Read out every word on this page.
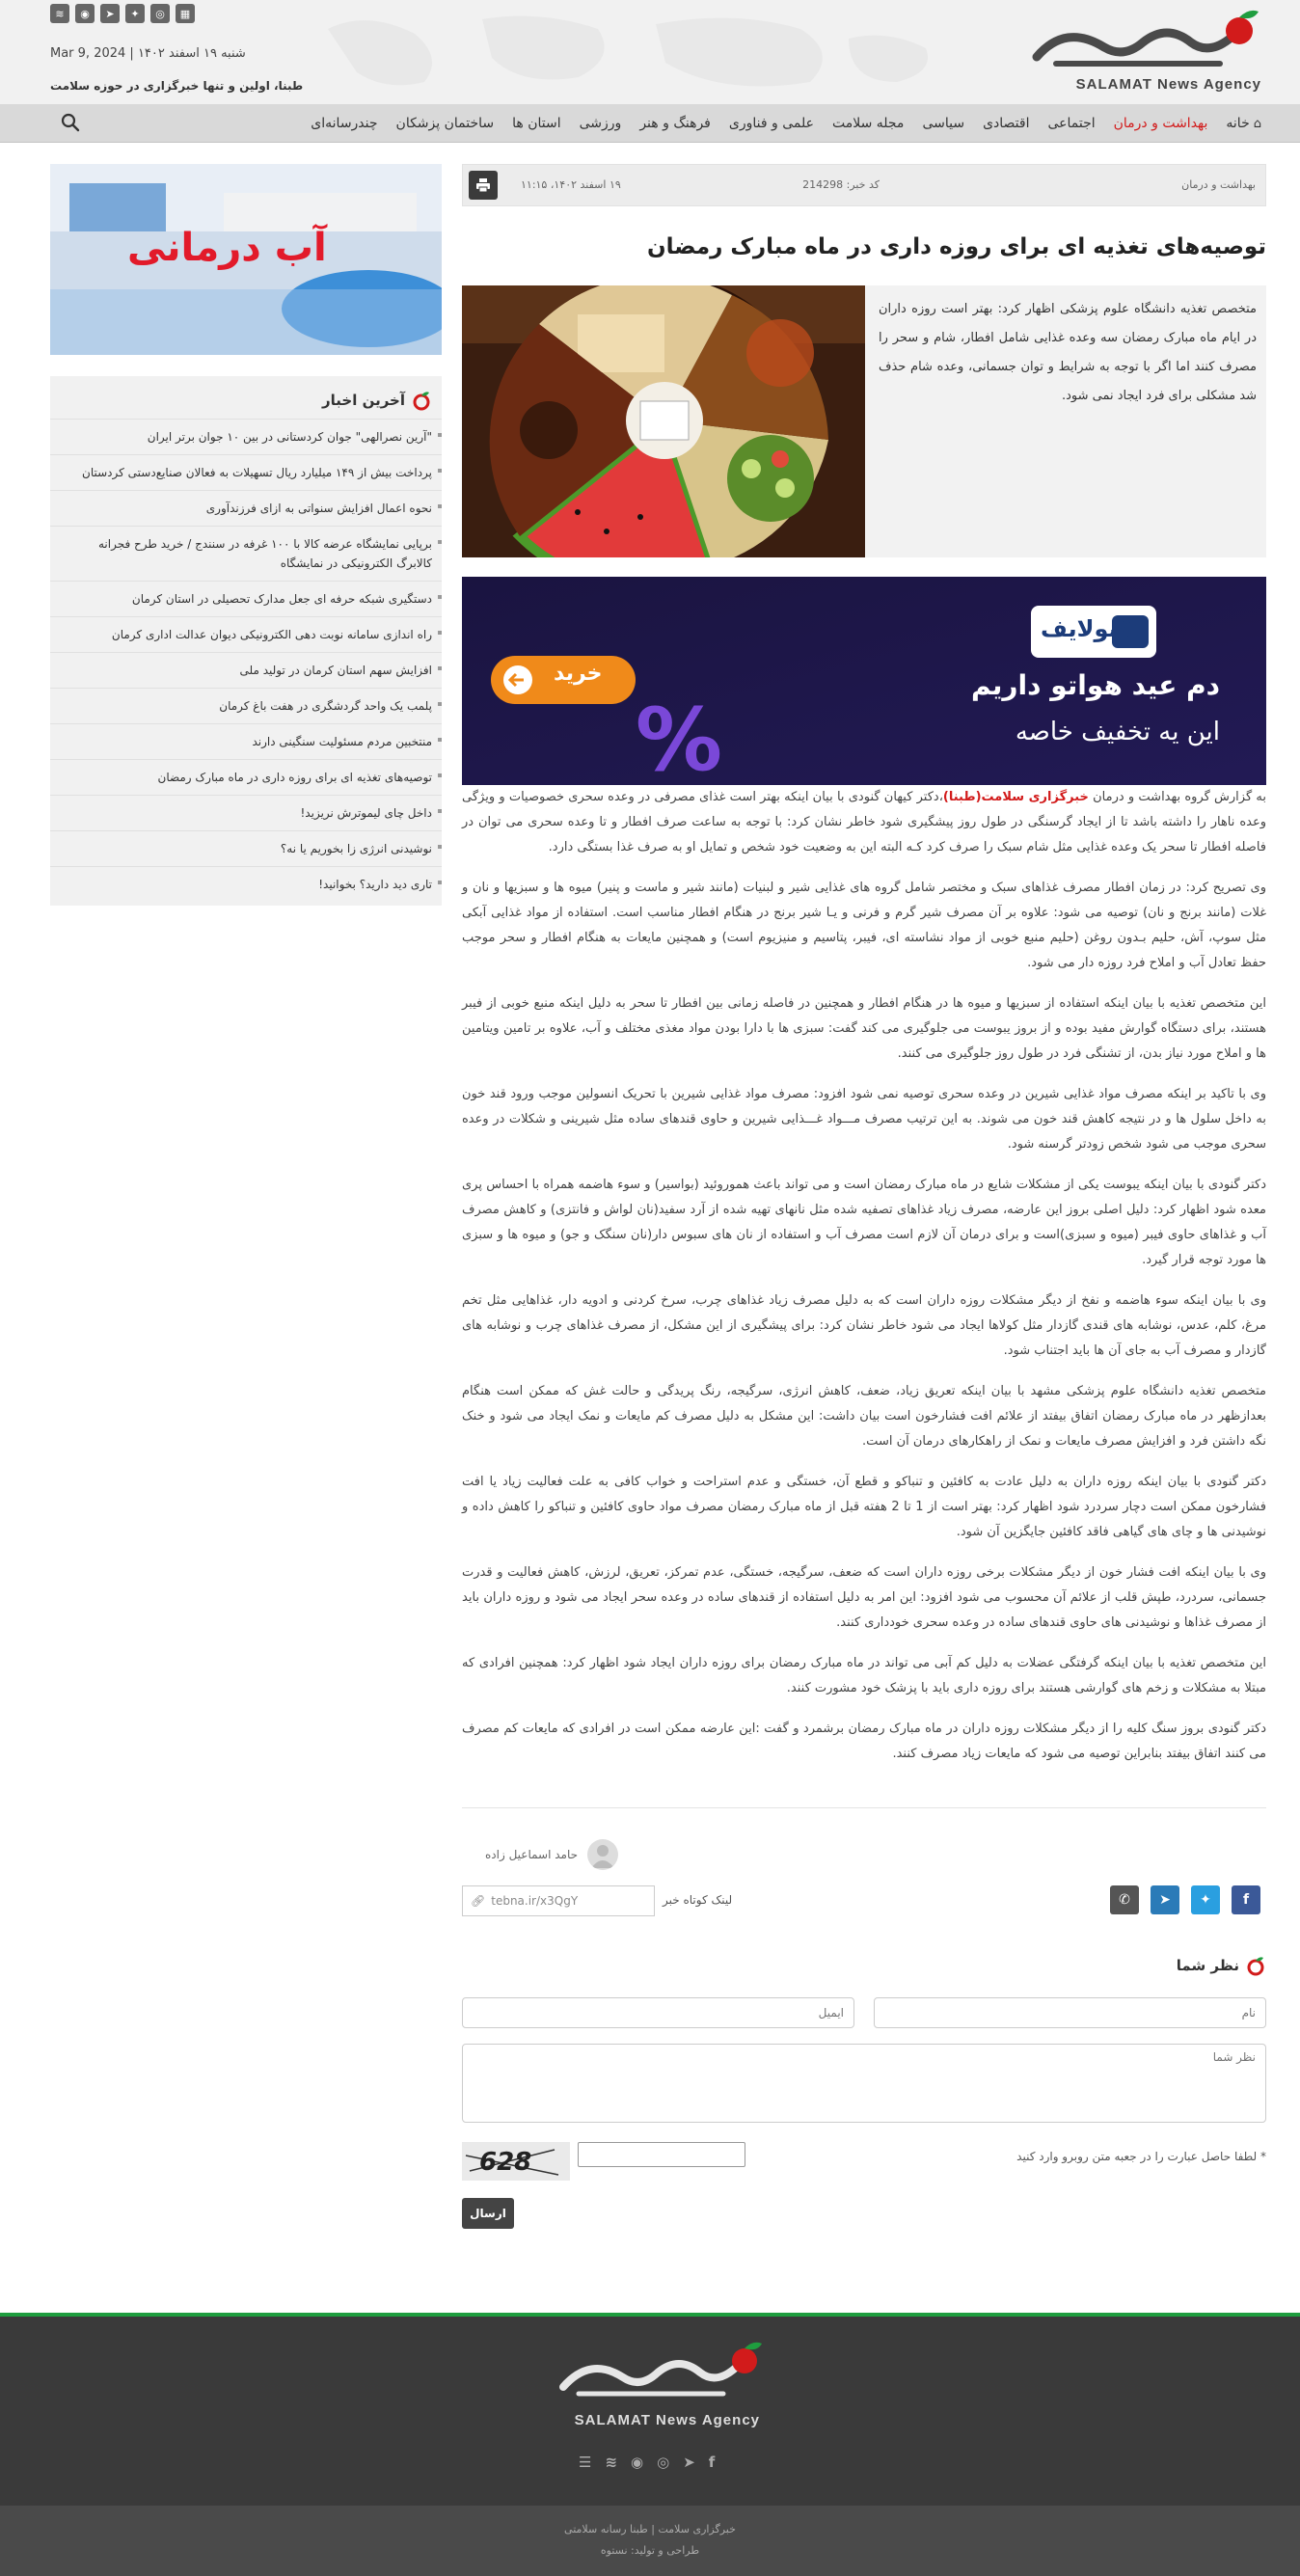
SALAMAT News Agency
▦
◎
✦
➤
◉
≋
شنبه ۱۹ اسفند ۱۴۰۲ | Mar 9, 2024
طبنا، اولین و تنها خبرگزاری در حوزه سلامت
⌂خانه
بهداشت و درمان
اجتماعی
اقتصادی
سیاسی
مجله سلامت
علمی و فناوری
فرهنگ و هنر
ورزشی
استان ها
ساختمان پزشکان
چندرسانه‌ای
بهداشت و درمان
کد خبر: 214298
۱۹ اسفند ۱۴۰۲، ۱۱:۱۵
توصیه‌های تغذیه ای برای روزه داری در ماه مبارک رمضان

متخصص تغذیه دانشگاه علوم پزشکی اظهار کرد: بهتر است روزه داران در ایام ماه مبارک رمضان سه وعده غذایی شامل افطار، شام و سحر را مصرف کنند اما اگر با توجه به شرایط و توان جسمانی، وعده شام حذف شد مشکلی برای فرد ایجاد نمی شود.

%
تکنولایف
خرید	دم عید هواتو داریم
این یه تخفیف خاصه

به گزارش گروه بهداشت و درمان خبرگزاری سلامت(طبنا)،دکتر کیهان گنودی با بیان اینکه بهتر است غذای مصرفی در وعده سحری خصوصیات و ویژگی وعده ناهار را داشته باشد تا از ایجاد گرسنگی در طول روز پیشگیری شود خاطر نشان کرد: با توجه به ساعت صرف افطار و تا وعده سحری می توان در فاصله افطار تا سحر یک وعده غذایی مثل شام سبک را صرف کرد کـه البته این به وضعیت خود شخص و تمایل او به صرف غذا بستگی دارد.

وی تصریح کرد: در زمان افطار مصرف غذاهای سبک و مختصر شامل گروه های غذایی شیر و لبنیات (مانند شیر و ماست و پنیر) میوه ها و سبزیها و نان و غلات (مانند برنج و نان) توصیه می شود: علاوه بر آن مصرف شیر گرم و فرنی و یـا شیر برنج در هنگام افطار مناسب است. استفاده از مواد غذایی آبکی مثل سوپ، آش، حلیم بـدون روغن (حلیم منبع خوبی از مواد نشاسته ای، فیبر، پتاسیم و منیزیوم است) و همچنین مایعات به هنگام افطار و سحر موجب حفظ تعادل آب و املاح فرد روزه دار می شود.

این متخصص تغذیه با بیان اینکه استفاده از سبزیها و میوه ها در هنگام افطار و همچنین در فاصله زمانی بین افطار تا سحر به دلیل اینکه منبع خوبی از فیبر هستند، برای دستگاه گوارش مفید بوده و از بروز یبوست می جلوگیری می کند گفت: سبزی ها با دارا بودن مواد مغذی مختلف و آب، علاوه بر تامین ویتامین ها و املاح مورد نیاز بدن، از تشنگی فرد در طول روز جلوگیری می کنند.

وی با تاکید بر اینکه مصرف مواد غذایی شیرین در وعده سحری توصیه نمی شود افزود: مصرف مواد غذایی شیرین با تحریک انسولین موجب ورود قند خون به داخل سلول ها و در نتیجه کاهش قند خون می شوند. به این ترتیب مصرف مـــواد غـــذایی شیرین و حاوی قندهای ساده مثل شیرینی و شکلات در وعده سحری موجب می شود شخص زودتر گرسنه شود.

دکتر گنودی با بیان اینکه یبوست یکی از مشکلات شایع در ماه مبارک رمضان است و می تواند باعث هموروئید (بواسیر) و سوء هاضمه همراه با احساس پری معده شود اظهار کرد: دلیل اصلی بروز این عارضه، مصرف زیاد غذاهای تصفیه شده مثل نانهای تهیه شده از آرد سفید(نان لواش و فانتزی) و کاهش مصرف آب و غذاهای حاوی فیبر (میوه و سبزی)است و برای درمان آن لازم است مصرف آب و استفاده از نان های سبوس دار(نان سنگک و جو) و میوه ها و سبزی ها مورد توجه قرار گیرد.

وی با بیان اینکه سوء هاضمه و نفخ از دیگر مشکلات روزه داران است که به دلیل مصرف زیاد غذاهای چرب، سرخ کردنی و ادویه دار، غذاهایی مثل تخم مرغ، کلم، عدس، نوشابه های قندی گازدار مثل کولاها ایجاد می شود خاطر نشان کرد: برای پیشگیری از این مشکل، از مصرف غذاهای چرب و نوشابه های گازدار و مصرف آب به جای آن ها باید اجتناب شود.

متخصص تغذیه دانشگاه علوم پزشکی مشهد با بیان اینکه تعریق زیاد، ضعف، کاهش انرژی، سرگیجه، رنگ پریدگی و حالت غش که ممکن است هنگام بعدازظهر در ماه مبارک رمضان اتفاق بیفتد از علائم افت فشارخون است بیان داشت: این مشکل به دلیل مصرف کم مایعات و نمک ایجاد می شود و خنک نگه داشتن فرد و افزایش مصرف مایعات و نمک از راهکارهای درمان آن است.

دکتر گنودی با بیان اینکه روزه داران به دلیل عادت به کافئین و تنباکو و قطع آن، خستگی و عدم استراحت و خواب کافی به علت فعالیت زیاد یا افت فشارخون ممکن است دچار سردرد شود اظهار کرد: بهتر است از 1 تا 2 هفته قبل از ماه مبارک رمضان مصرف مواد حاوی کافئین و تنباکو را کاهش داده و نوشیدنی ها و چای های گیاهی فاقد کافئین جایگزین آن شود.

وی با بیان اینکه افت فشار خون از دیگر مشکلات برخی روزه داران است که ضعف، سرگیجه، خستگی، عدم تمرکز، تعریق، لرزش، کاهش فعالیت و قدرت جسمانی، سردرد، طپش قلب از علائم آن محسوب می شود افزود: این امر به دلیل استفاده از قندهای ساده در وعده سحر ایجاد می شود و روزه داران باید از مصرف غذاها و نوشیدنی های حاوی قندهای ساده در وعده سحری خودداری کنند.

این متخصص تغذیه با بیان اینکه گرفتگی عضلات به دلیل کم آبی می تواند در ماه مبارک رمضان برای روزه داران ایجاد شود اظهار کرد: همچنین افرادی که مبتلا به مشکلات و زخم های گوارشی هستند برای روزه داری باید با پزشک خود مشورت کنند.

دکتر گنودی بروز سنگ کلیه را از دیگر مشکلات روزه داران در ماه مبارک رمضان برشمرد و گفت :این عارضه ممکن است در افرادی که مایعات کم مصرف می کنند اتفاق بیفتد بنابراین توصیه می شود که مایعات زیاد مصرف کنند.

حامد اسماعیل زاده
✆	➤	✦	f
لینک کوتاه خبر
🔗︎ tebna.ir/x3QgY
نظر شما
نام
ایمیل
نظر شما
* لطفا حاصل عبارت را در جعبه متن روبرو وارد کنید
628
ارسال
آب درمانی
آخرین اخبار
"آرین نصرالهی" جوان کردستانی در بین ۱۰ جوان برتر ایران
پرداخت بیش از ۱۴۹ میلیارد ریال تسهیلات به فعالان صنایع‌دستی کردستان
نحوه اعمال افزایش سنواتی به ازای فرزندآوری
برپایی نمایشگاه عرضه کالا با ۱۰۰ غرفه در سنندج / خرید طرح فجرانه کالابرگ الکترونیکی در نمایشگاه
دستگیری شبکه حرفه ای جعل مدارک تحصیلی در استان کرمان
راه اندازی سامانه نوبت دهی الکترونیکی دیوان عدالت اداری کرمان
افزایش سهم استان کرمان در تولید ملی
پلمب یک واحد گردشگری در هفت باغ کرمان
منتخبین مردم مسئولیت سنگینی دارند
توصیه‌های تغذیه ای برای روزه داری در ماه مبارک رمضان
داخل چای لیموترش نریزید!
نوشیدنی انرژی زا بخوریم یا نه؟
تاری دید دارید؟ بخوانید!
SALAMAT News Agency
☰ ≋ ◉ ◎ ➤ f
خبرگزاری سلامت | طبنا رسانه سلامتی
طراحی و تولید: نستوه
